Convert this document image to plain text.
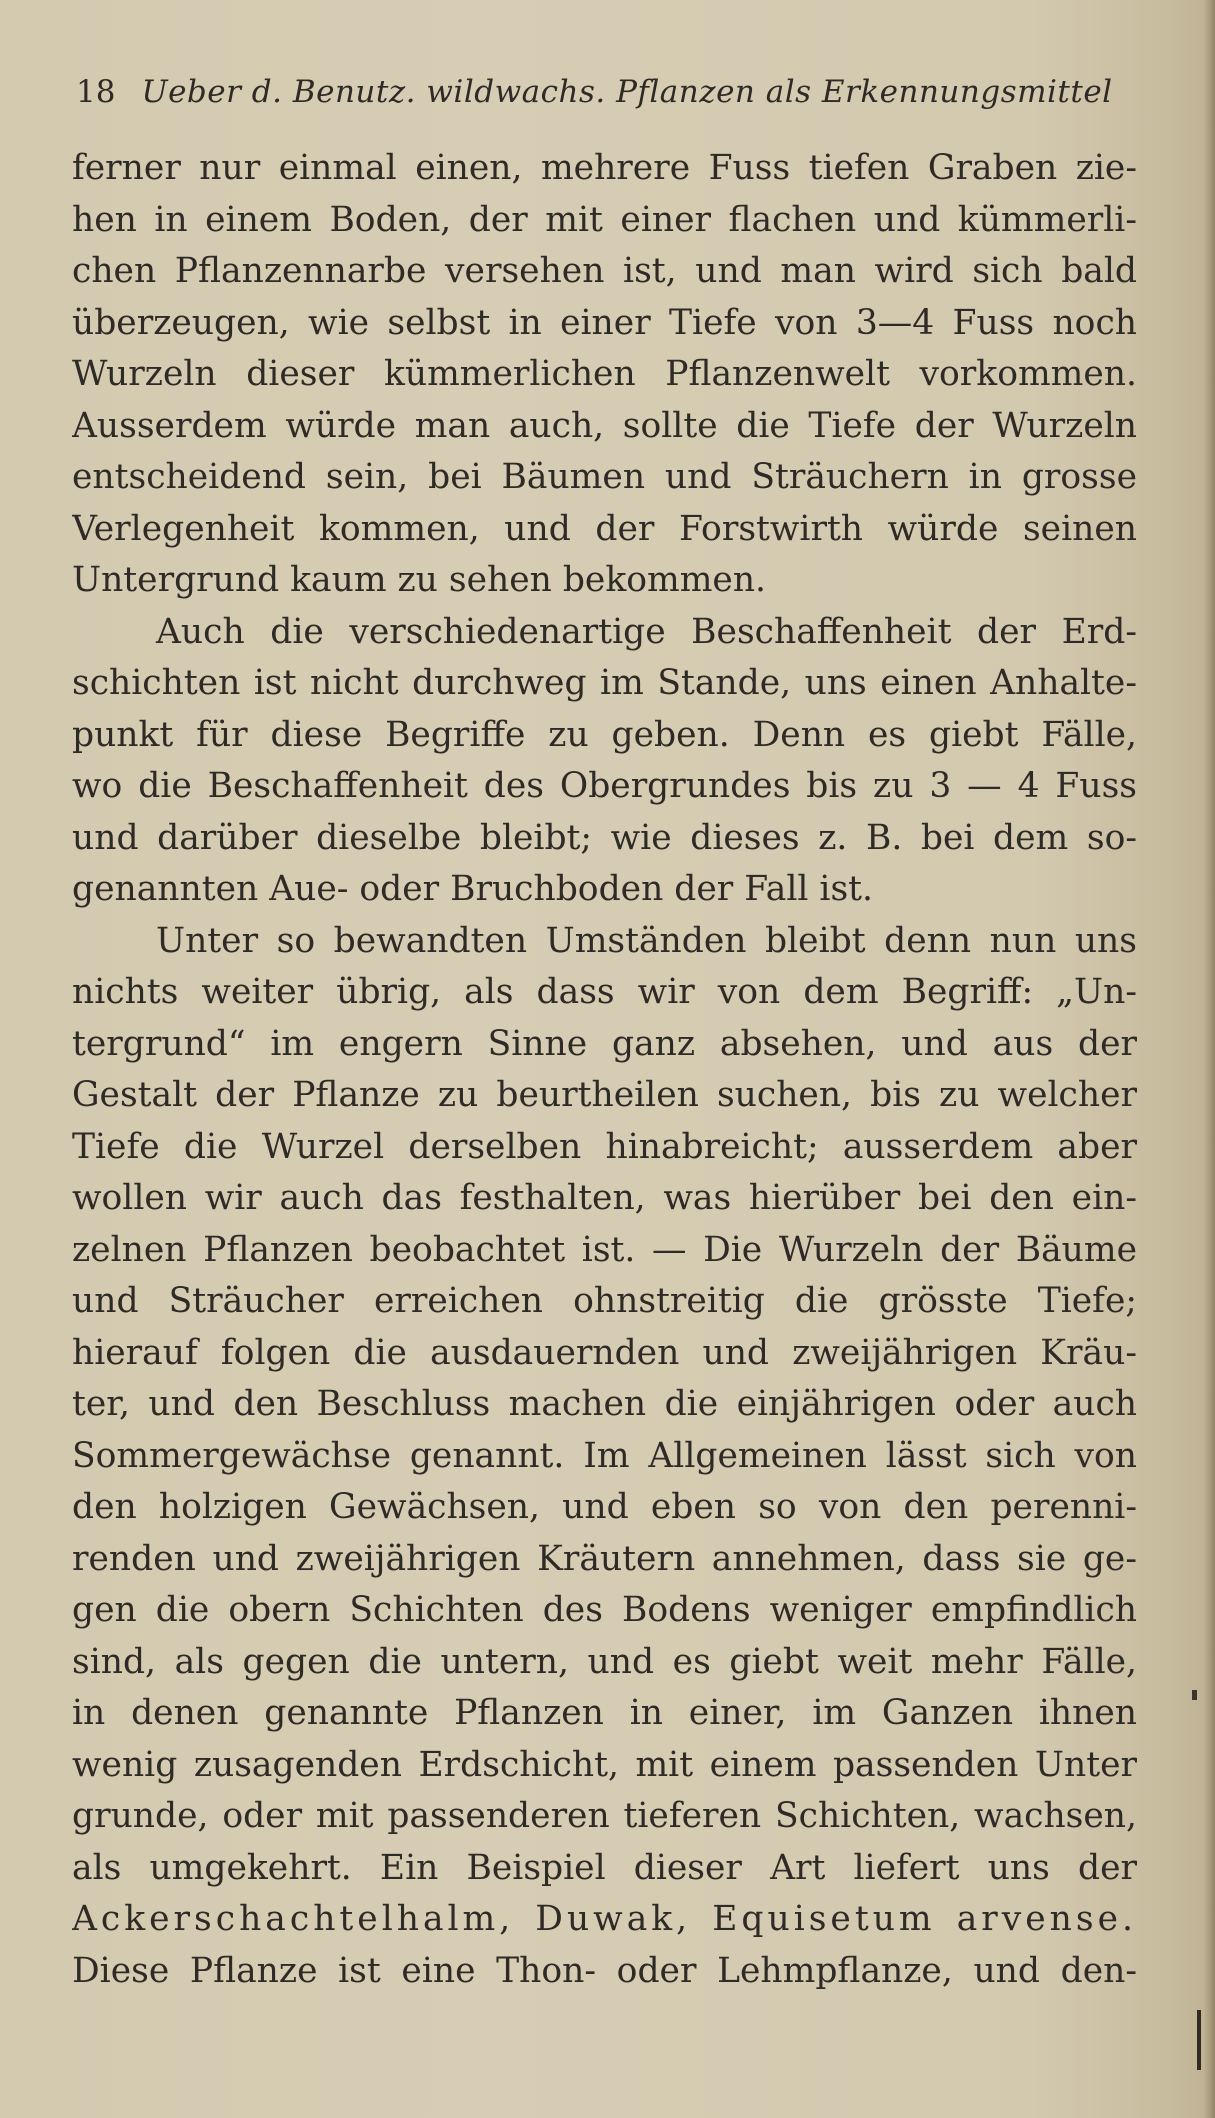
18 Ueber d. Benutz. wildwachs. Pflanzen als Erkennungsmittel
ferner nur einmal einen, mehrere Fuss tiefen Graben zie-
hen in einem Boden, der mit einer flachen und kümmerli-
chen Pflanzennarbe versehen ist, und man wird sich bald
überzeugen, wie selbst in einer Tiefe von 3—4 Fuss noch
Wurzeln dieser kümmerlichen Pflanzenwelt vorkommen.
Ausserdem würde man auch, sollte die Tiefe der Wurzeln
entscheidend sein, bei Bäumen und Sträuchern in grosse
Verlegenheit kommen, und der Forstwirth würde seinen
Untergrund kaum zu sehen bekommen.
Auch die verschiedenartige Beschaffenheit der Erd-
schichten ist nicht durchweg im Stande, uns einen Anhalte-
punkt für diese Begriffe zu geben. Denn es giebt Fälle,
wo die Beschaffenheit des Obergrundes bis zu 3 — 4 Fuss
und darüber dieselbe bleibt; wie dieses z. B. bei dem so-
genannten Aue- oder Bruchboden der Fall ist.
Unter so bewandten Umständen bleibt denn nun uns
nichts weiter übrig, als dass wir von dem Begriff: „Un-
tergrund“ im engern Sinne ganz absehen, und aus der
Gestalt der Pflanze zu beurtheilen suchen, bis zu welcher
Tiefe die Wurzel derselben hinabreicht; ausserdem aber
wollen wir auch das festhalten, was hierüber bei den ein-
zelnen Pflanzen beobachtet ist. — Die Wurzeln der Bäume
und Sträucher erreichen ohnstreitig die grösste Tiefe;
hierauf folgen die ausdauernden und zweijährigen Kräu-
ter, und den Beschluss machen die einjährigen oder auch
Sommergewächse genannt. Im Allgemeinen lässt sich von
den holzigen Gewächsen, und eben so von den perenni-
renden und zweijährigen Kräutern annehmen, dass sie ge-
gen die obern Schichten des Bodens weniger empfindlich
sind, als gegen die untern, und es giebt weit mehr Fälle,
in denen genannte Pflanzen in einer, im Ganzen ihnen
wenig zusagenden Erdschicht, mit einem passenden Unter
grunde, oder mit passenderen tieferen Schichten, wachsen,
als umgekehrt. Ein Beispiel dieser Art liefert uns der
Ackerschachtelhalm, Duwak, Equisetum arvense.
Diese Pflanze ist eine Thon- oder Lehmpflanze, und den-
